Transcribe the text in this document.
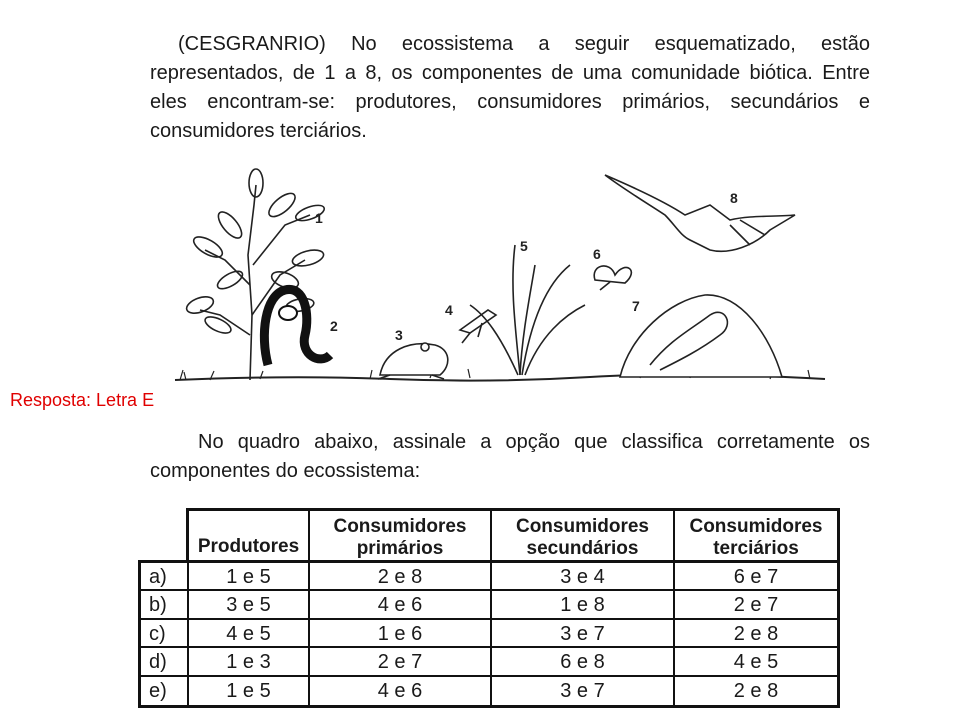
(CESGRANRIO) No ecossistema a seguir esquematizado, estão representados, de 1 a 8, os componentes de uma comunidade biótica. Entre eles encontram-se: produtores, consumidores primários, secundários e consumidores terciários.
1
2
3
4
5	6
7
8
Resposta: Letra E
No quadro abaixo, assinale a opção que classifica corretamente os componentes do ecossistema:
Produtores
Consumidores primários
Consumidores secundários
Consumidores terciários
a)	1 e 5	2 e 8	3 e 4	6 e 7
b)	3 e 5	4 e 6	1 e 8	2 e 7
c)	4 e 5	1 e 6	3 e 7	2 e 8
d)	1 e 3	2 e 7	6 e 8	4 e 5
e)	1 e 5	4 e 6	3 e 7	2 e 8
